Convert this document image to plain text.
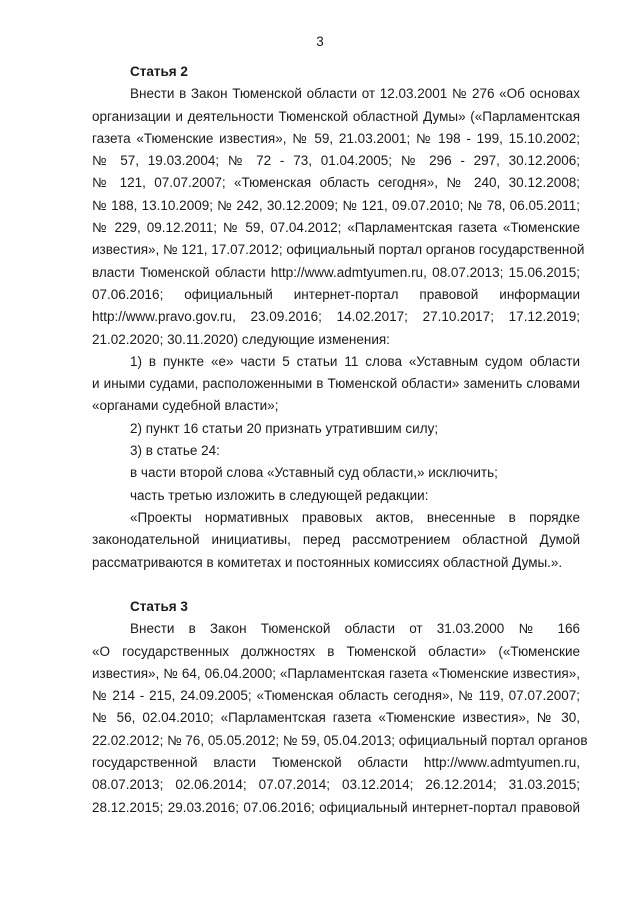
3
Статья 2
Внести в Закон Тюменской области от 12.03.2001 № 276 «Об основах
организации и деятельности Тюменской областной Думы» («Парламентская
газета «Тюменские известия», № 59, 21.03.2001; № 198 - 199, 15.10.2002;
№ 57, 19.03.2004; № 72 - 73, 01.04.2005; № 296 - 297, 30.12.2006;
№ 121, 07.07.2007; «Тюменская область сегодня», № 240, 30.12.2008;
№ 188, 13.10.2009; № 242, 30.12.2009; № 121, 09.07.2010; № 78, 06.05.2011;
№ 229, 09.12.2011; № 59, 07.04.2012; «Парламентская газета «Тюменские
известия», № 121, 17.07.2012; официальный портал органов государственной
власти Тюменской области http://www.admtyumen.ru, 08.07.2013; 15.06.2015;
07.06.2016; официальный интернет-портал правовой информации
http://www.pravo.gov.ru, 23.09.2016; 14.02.2017; 27.10.2017; 17.12.2019;
21.02.2020; 30.11.2020) следующие изменения:
1) в пункте «е» части 5 статьи 11 слова «Уставным судом области
и иными судами, расположенными в Тюменской области» заменить словами
«органами судебной власти»;
2) пункт 16 статьи 20 признать утратившим силу;
3) в статье 24:
в части второй слова «Уставный суд области,» исключить;
часть третью изложить в следующей редакции:
«Проекты нормативных правовых актов, внесенные в порядке
законодательной инициативы, перед рассмотрением областной Думой
рассматриваются в комитетах и постоянных комиссиях областной Думы.».
Статья 3
Внести в Закон Тюменской области от 31.03.2000 № 166
«О государственных должностях в Тюменской области» («Тюменские
известия», № 64, 06.04.2000; «Парламентская газета «Тюменские известия»,
№ 214 - 215, 24.09.2005; «Тюменская область сегодня», № 119, 07.07.2007;
№ 56, 02.04.2010; «Парламентская газета «Тюменские известия», № 30,
22.02.2012; № 76, 05.05.2012; № 59, 05.04.2013; официальный портал органов
государственной власти Тюменской области http://www.admtyumen.ru,
08.07.2013; 02.06.2014; 07.07.2014; 03.12.2014; 26.12.2014; 31.03.2015;
28.12.2015; 29.03.2016; 07.06.2016; официальный интернет-портал правовой
